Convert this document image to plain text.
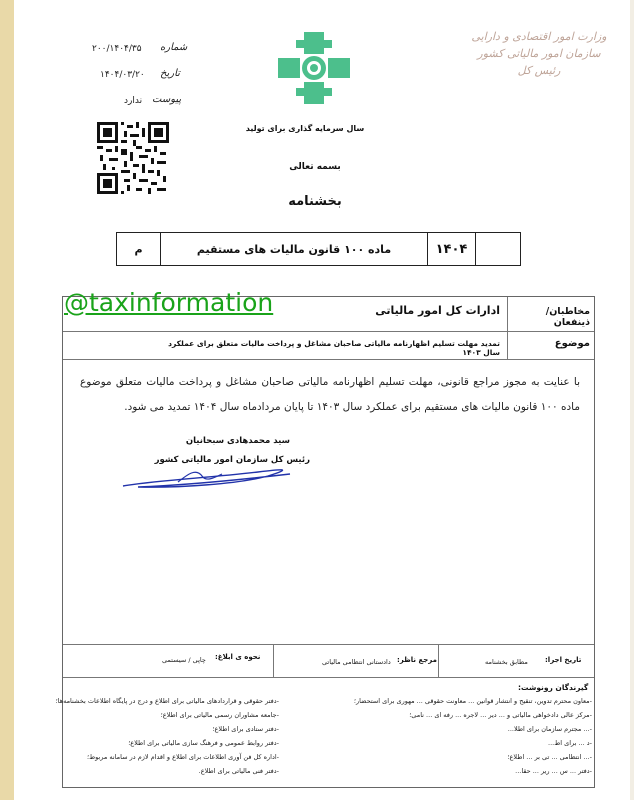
۲۰۰/۱۴۰۴/۳۵ شماره
۱۴۰۴/۰۳/۲۰ تاریخ
ندارد پیوست
وزارت امور اقتصادی و دارایی
سازمان امور مالیاتی کشور
رئیس کل
سال سرمایه گذاری برای تولید
بسمه تعالی
بخشنامه
۱۴۰۴
ماده ۱۰۰ قانون مالیات های مستقیم
م
@taxinformation	مخاطبان/ ذینفعان
ادارات کل امور مالیاتی
موضوع
تمدید مهلت تسلیم اظهارنامه مالیاتی صاحبان مشاغل و پرداخت مالیات متعلق برای عملکرد سال ۱۴۰۳
با عنایت به مجوز مراجع قانونی، مهلت تسلیم اظهارنامه مالیاتی صاحبان مشاغل و پرداخت مالیات متعلق موضوع ماده ۱۰۰ قانون مالیات های مستقیم برای عملکرد سال ۱۴۰۳ تا پایان مردادماه سال ۱۴۰۴ تمدید می شود.
سید محمدهادی سبحانیان
رئیس کل سازمان امور مالیاتی کشور
تاریخ اجرا:
مطابق بخشنامه
مرجع ناظر:
دادستانی انتظامی مالیاتی
نحوه ی ابلاغ:
چاپی / سیستمی
گیرندگان رونوشت:
-معاون محترم تدوین، تنقیح و انتشار قوانین ... معاونت حقوقی ... مهوری برای استحضار؛
-مرکز عالی دادخواهی مالیاتی و ... دیر ... لاجره ... رفه ای ... نامی؛
-... مجترم سازمان برای اطلا...
-د ... برای اط...
-... انتظامی ... تی بر ... اطلاع؛
-دفتر ... س ... ریر ... حقا...
-دفتر حقوقی و قراردادهای مالیاتی برای اطلاع و درج در پایگاه اطلاعات بخشنامه‌ها؛
-جامعه مشاوران رسمی مالیاتی برای اطلاع؛
-دفتر ستادی برای اطلاع؛
-دفتر روابط عمومی و فرهنگ سازی مالیاتی برای اطلاع؛
-اداره کل فن آوری اطلاعات برای اطلاع و اقدام لازم در سامانه مربوط؛
-دفتر فنی مالیاتی برای اطلاع.
